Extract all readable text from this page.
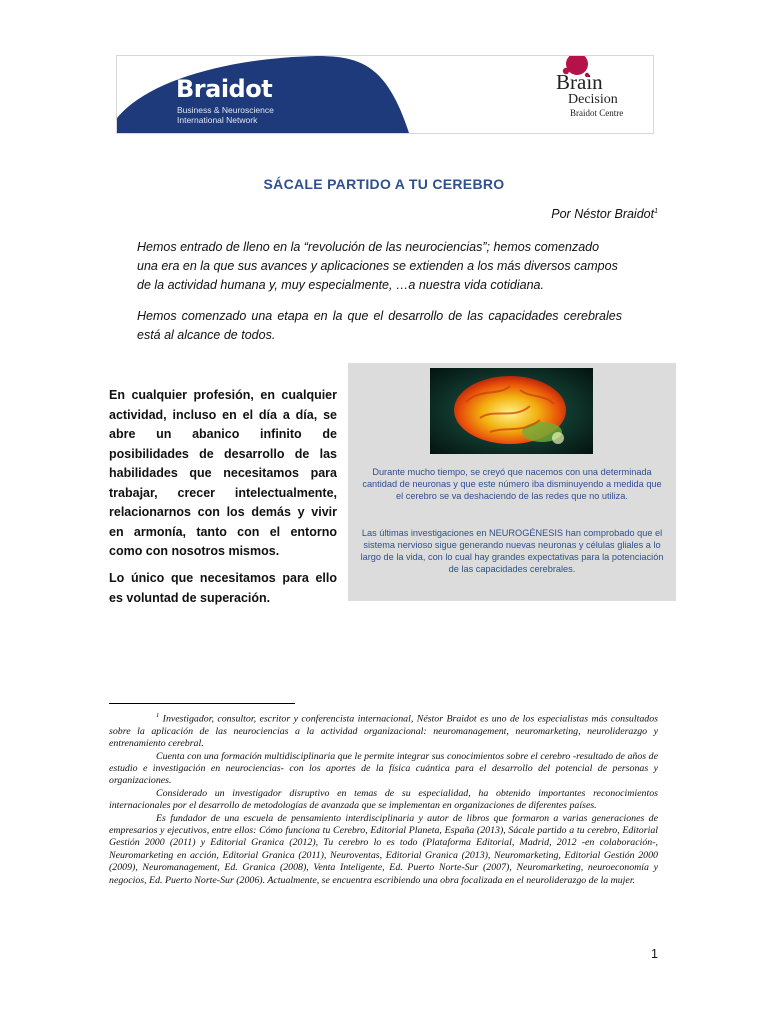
Braidot
Business & Neuroscience
International Network
Brain
Decision
Braidot Centre
SÁCALE PARTIDO A TU CEREBRO
Por Néstor Braidot$^1$

Hemos entrado de lleno en la “revolución de las neurociencias”; hemos comenzado una era en la que sus avances y aplicaciones se extienden a los más diversos campos de la actividad humana y, muy especialmente, …a nuestra vida cotidiana.

Hemos comenzado una etapa en la que el desarrollo de las capacidades cerebrales está al alcance de todos.

En cualquier profesión, en cualquier actividad, incluso en el día a día, se abre un abanico infinito de posibilidades de desarrollo de las habilidades que necesitamos para trabajar, crecer intelectualmente, relacionarnos con los demás y vivir en armonía, tanto con el entorno como con nosotros mismos.

Lo único que necesitamos para ello es voluntad de superación.

Durante mucho tiempo, se creyó que nacemos con una determinada cantidad de neuronas y que este número iba disminuyendo a medida que el cerebro se va deshaciendo de las redes que no utiliza.

Las últimas investigaciones en NEUROGÉNESIS han comprobado que el sistema nervioso sigue generando nuevas neuronas y células gliales a lo largo de la vida, con lo cual hay grandes expectativas para la potenciación de las capacidades cerebrales.

$^1$ Investigador, consultor, escritor y conferencista internacional, Néstor Braidot es uno de los especialistas más consultados sobre la aplicación de las neurociencias a la actividad organizacional: neuromanagement, neuromarketing, neuroliderazgo y entrenamiento cerebral.

Cuenta con una formación multidisciplinaria que le permite integrar sus conocimientos sobre el cerebro -resultado de años de estudio e investigación en neurociencias- con los aportes de la física cuántica para el desarrollo del potencial de personas y organizaciones.

Considerado un investigador disruptivo en temas de su especialidad, ha obtenido importantes reconocimientos internacionales por el desarrollo de metodologías de avanzada que se implementan en organizaciones de diferentes países.

Es fundador de una escuela de pensamiento interdisciplinaria y autor de libros que formaron a varias generaciones de empresarios y ejecutivos, entre ellos: Cómo funciona tu Cerebro, Editorial Planeta, España (2013), Sácale partido a tu cerebro, Editorial Gestión 2000 (2011) y Editorial Granica (2012), Tu cerebro lo es todo (Plataforma Editorial, Madrid, 2012 -en colaboración-, Neuromarketing en acción, Editorial Granica (2011), Neuroventas, Editorial Granica (2013), Neuromarketing, Editorial Gestión 2000 (2009), Neuromanagement, Ed. Granica (2008), Venta Inteligente, Ed. Puerto Norte-Sur (2007), Neuromarketing, neuroeconomía y negocios, Ed. Puerto Norte-Sur (2006). Actualmente, se encuentra escribiendo una obra focalizada en el neuroliderazgo de la mujer.

1
